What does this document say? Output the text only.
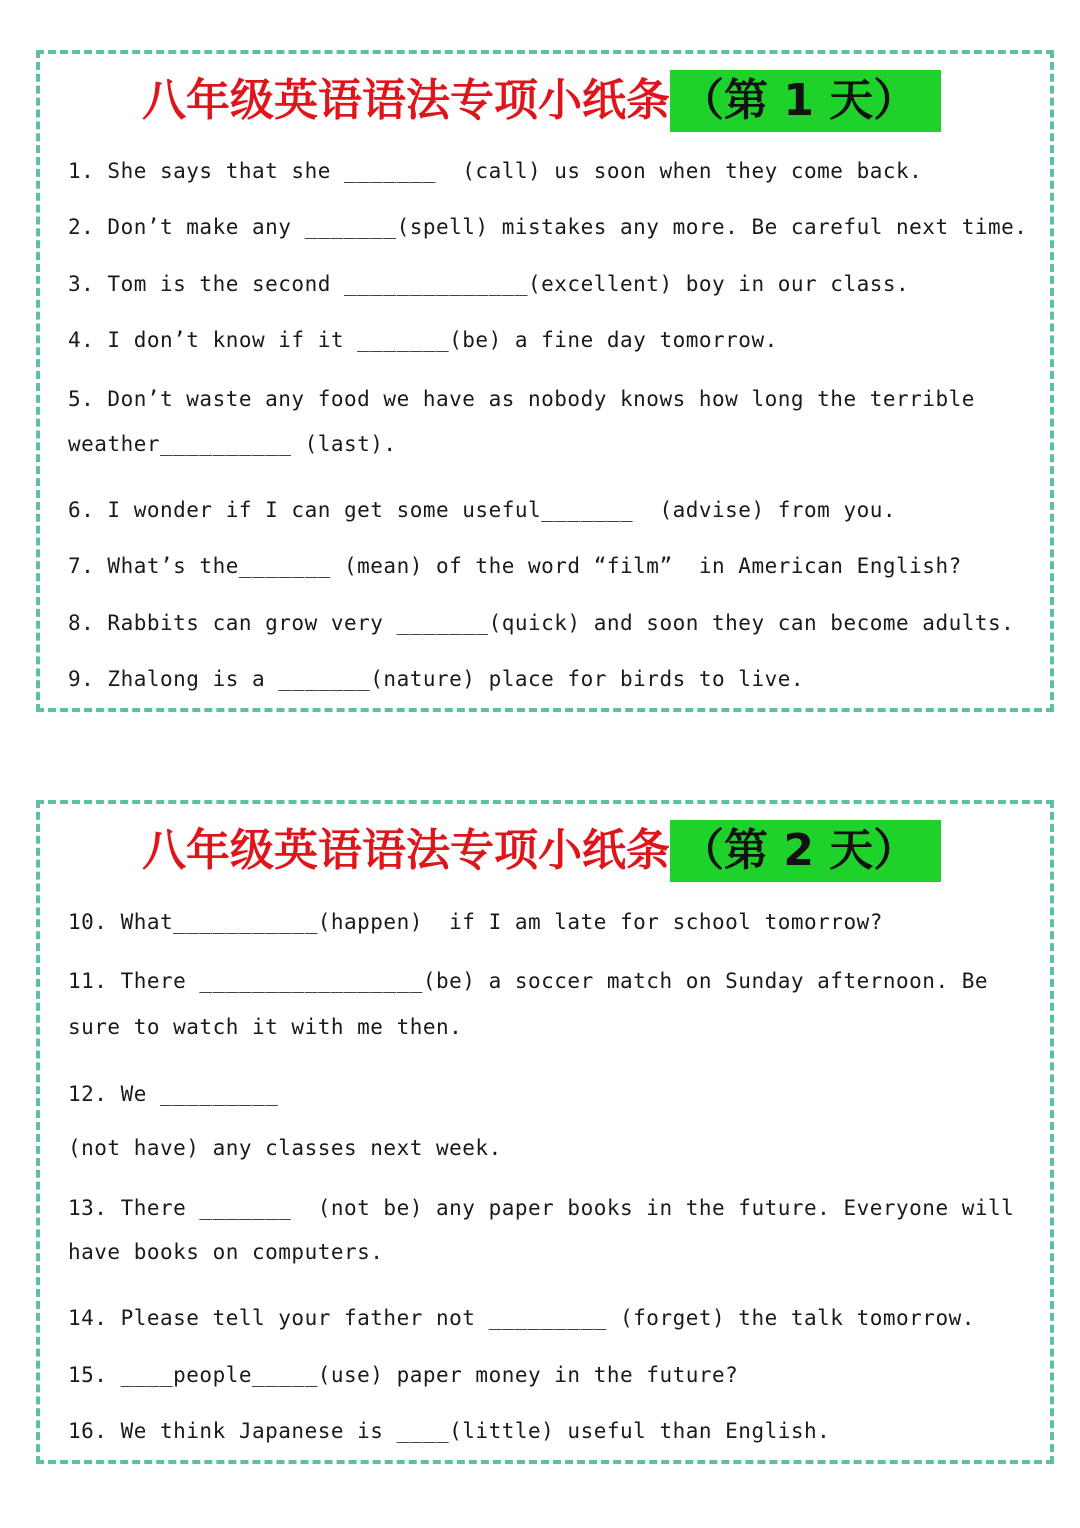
八年级英语语法专项小纸条 （第 1 天）
1. She says that she _______  (call) us soon when they come back.
2. Don’t make any _______(spell) mistakes any more. Be careful next time.
3. Tom is the second ______________(excellent) boy in our class.
4. I don’t know if it _______(be) a fine day tomorrow.
5. Don’t waste any food we have as nobody knows how long the terrible
weather__________ (last).
6. I wonder if I can get some useful_______  (advise) from you.
7. What’s the_______ (mean) of the word “film”  in American English?
8. Rabbits can grow very _______(quick) and soon they can become adults.
9. Zhalong is a _______(nature) place for birds to live.
八年级英语语法专项小纸条 （第 2 天）
10. What___________(happen)  if I am late for school tomorrow?
11. There _________________(be) a soccer match on Sunday afternoon. Be
sure to watch it with me then.
12. We _________
(not have) any classes next week.
13. There _______  (not be) any paper books in the future. Everyone will
have books on computers.
14. Please tell your father not _________ (forget) the talk tomorrow.
15. ____people_____(use) paper money in the future?
16. We think Japanese is ____(little) useful than English.
